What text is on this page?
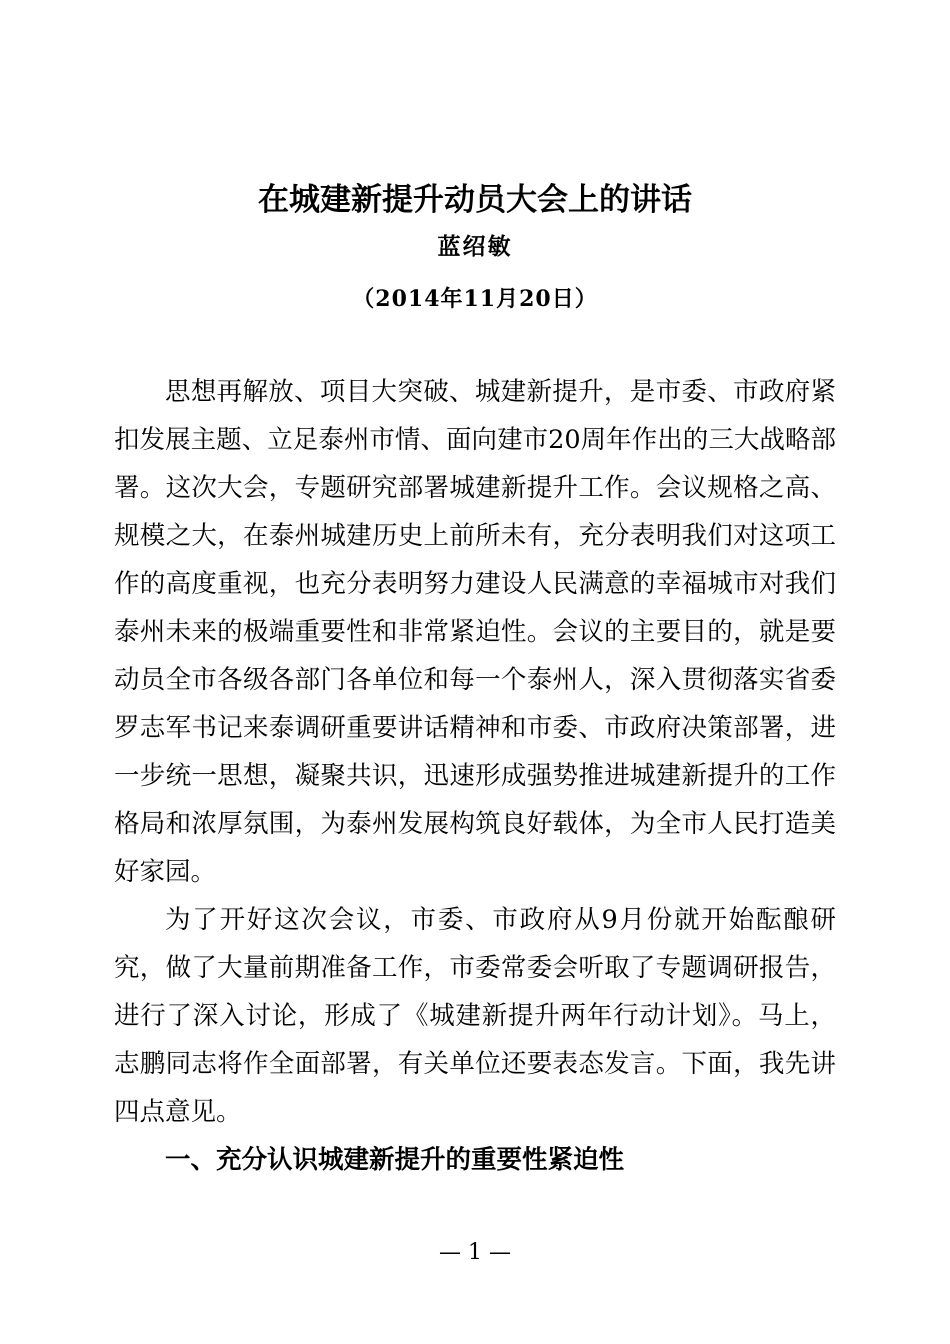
在城建新提升动员大会上的讲话
蓝绍敏
（2014年11月20日）

思想再解放、项目大突破、城建新提升，是市委、市政府紧扣发展主题、立足泰州市情、面向建市20周年作出的三大战略部署。这次大会，专题研究部署城建新提升工作。会议规格之高、规模之大，在泰州城建历史上前所未有，充分表明我们对这项工作的高度重视，也充分表明努力建设人民满意的幸福城市对我们泰州未来的极端重要性和非常紧迫性。会议的主要目的，就是要动员全市各级各部门各单位和每一个泰州人，深入贯彻落实省委罗志军书记来泰调研重要讲话精神和市委、市政府决策部署，进一步统一思想，凝聚共识，迅速形成强势推进城建新提升的工作格局和浓厚氛围，为泰州发展构筑良好载体，为全市人民打造美好家园。

为了开好这次会议，市委、市政府从9月份就开始酝酿研究，做了大量前期准备工作，市委常委会听取了专题调研报告，进行了深入讨论，形成了《城建新提升两年行动计划》。马上，志鹏同志将作全面部署，有关单位还要表态发言。下面，我先讲四点意见。

一、充分认识城建新提升的重要性紧迫性

— 1 —
